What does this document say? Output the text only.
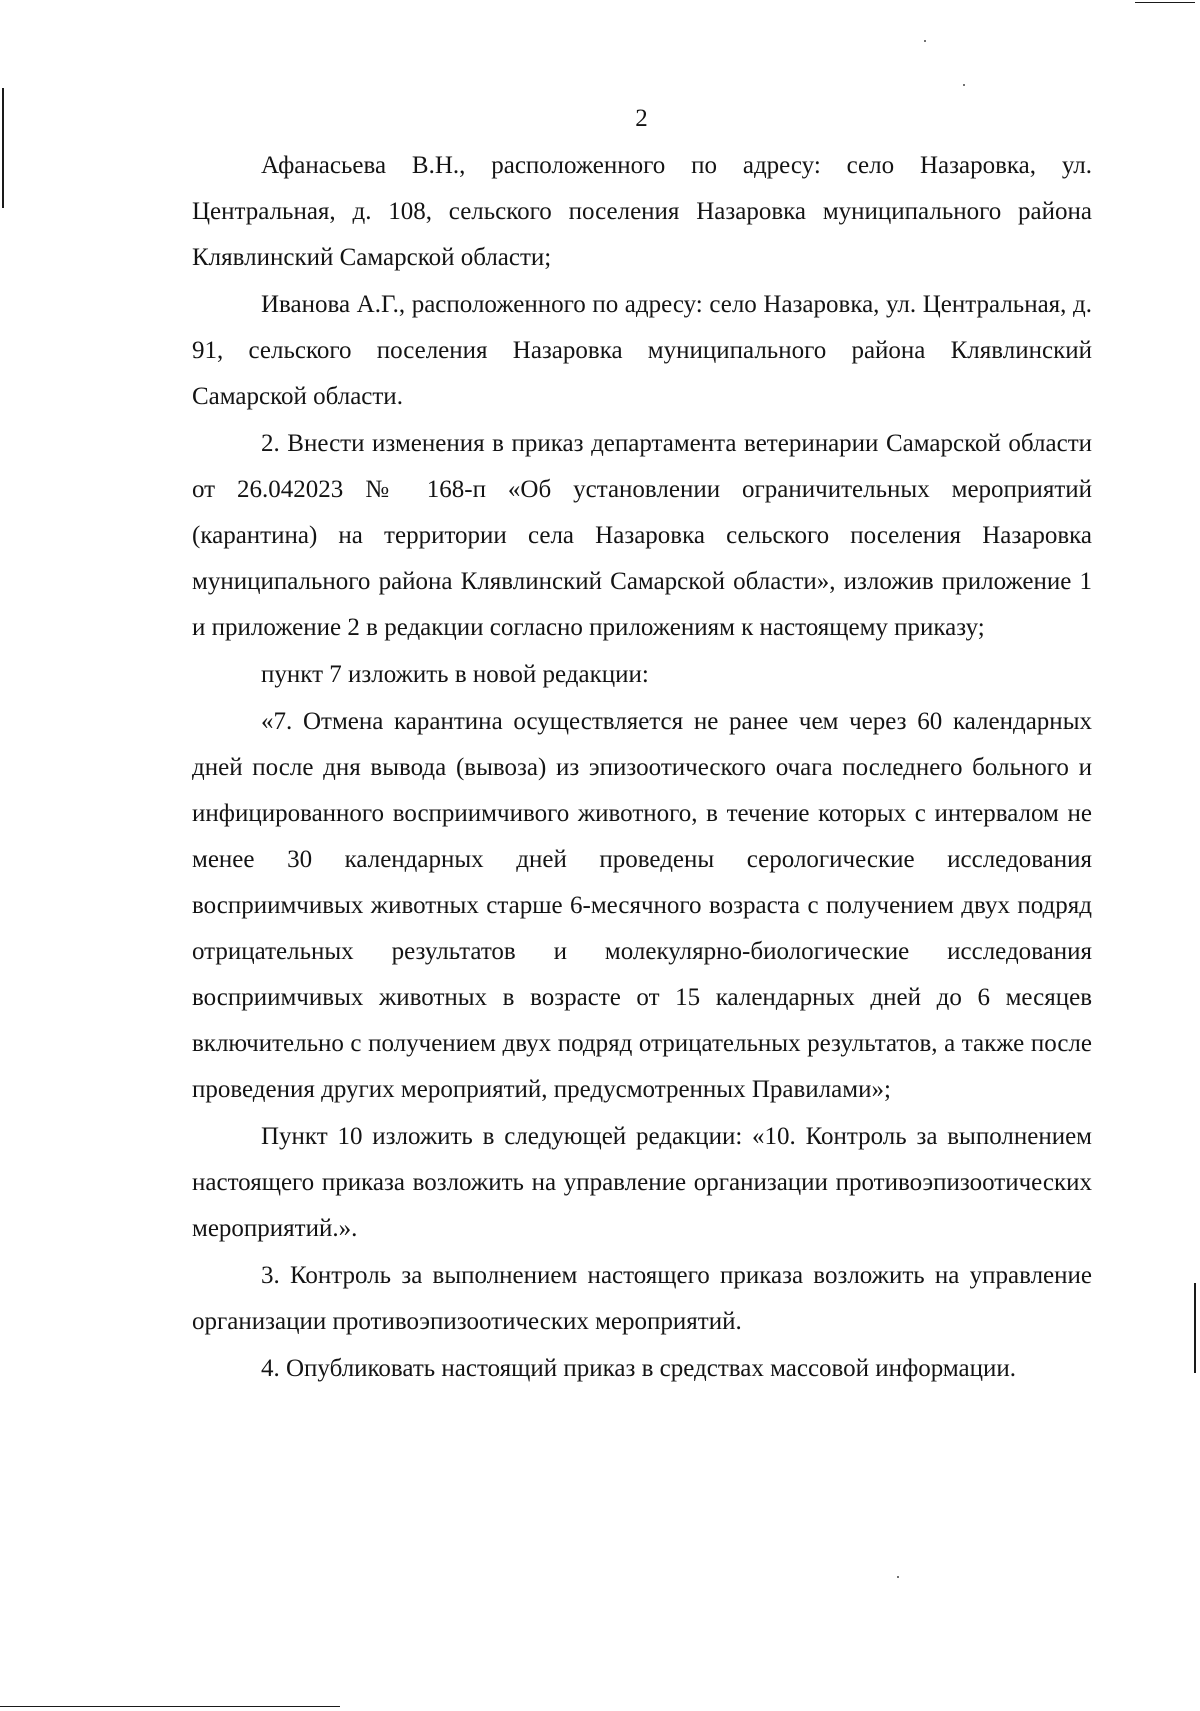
2

Афанасьева В.Н., расположенного по адресу: село Назаровка, ул. Центральная, д. 108, сельского поселения Назаровка муниципального района Клявлинский Самарской области;

Иванова А.Г., расположенного по адресу: село Назаровка, ул. Центральная, д. 91, сельского поселения Назаровка муниципального района Клявлинский Самарской области.

2. Внести изменения в приказ департамента ветеринарии Самарской области от 26.042023 № 168-п «Об установлении ограничительных мероприятий (карантина) на территории села Назаровка сельского поселения Назаровка муниципального района Клявлинский Самарской области», изложив приложение 1 и приложение 2 в редакции согласно приложениям к настоящему приказу;

пункт 7 изложить в новой редакции:

«7. Отмена карантина осуществляется не ранее чем через 60 календарных дней после дня вывода (вывоза) из эпизоотического очага последнего больного и инфицированного восприимчивого животного, в течение которых с интервалом не менее 30 календарных дней проведены серологические исследования восприимчивых животных старше 6-месячного возраста с получением двух подряд отрицательных результатов и молекулярно-биологические исследования восприимчивых животных в возрасте от 15 календарных дней до 6 месяцев включительно с получением двух подряд отрицательных результатов, а также после проведения других мероприятий, предусмотренных Правилами»;

Пункт 10 изложить в следующей редакции: «10. Контроль за выполнением настоящего приказа возложить на управление организации противоэпизоотических мероприятий.».

3. Контроль за выполнением настоящего приказа возложить на управление организации противоэпизоотических мероприятий.

4. Опубликовать настоящий приказ в средствах массовой информации.
